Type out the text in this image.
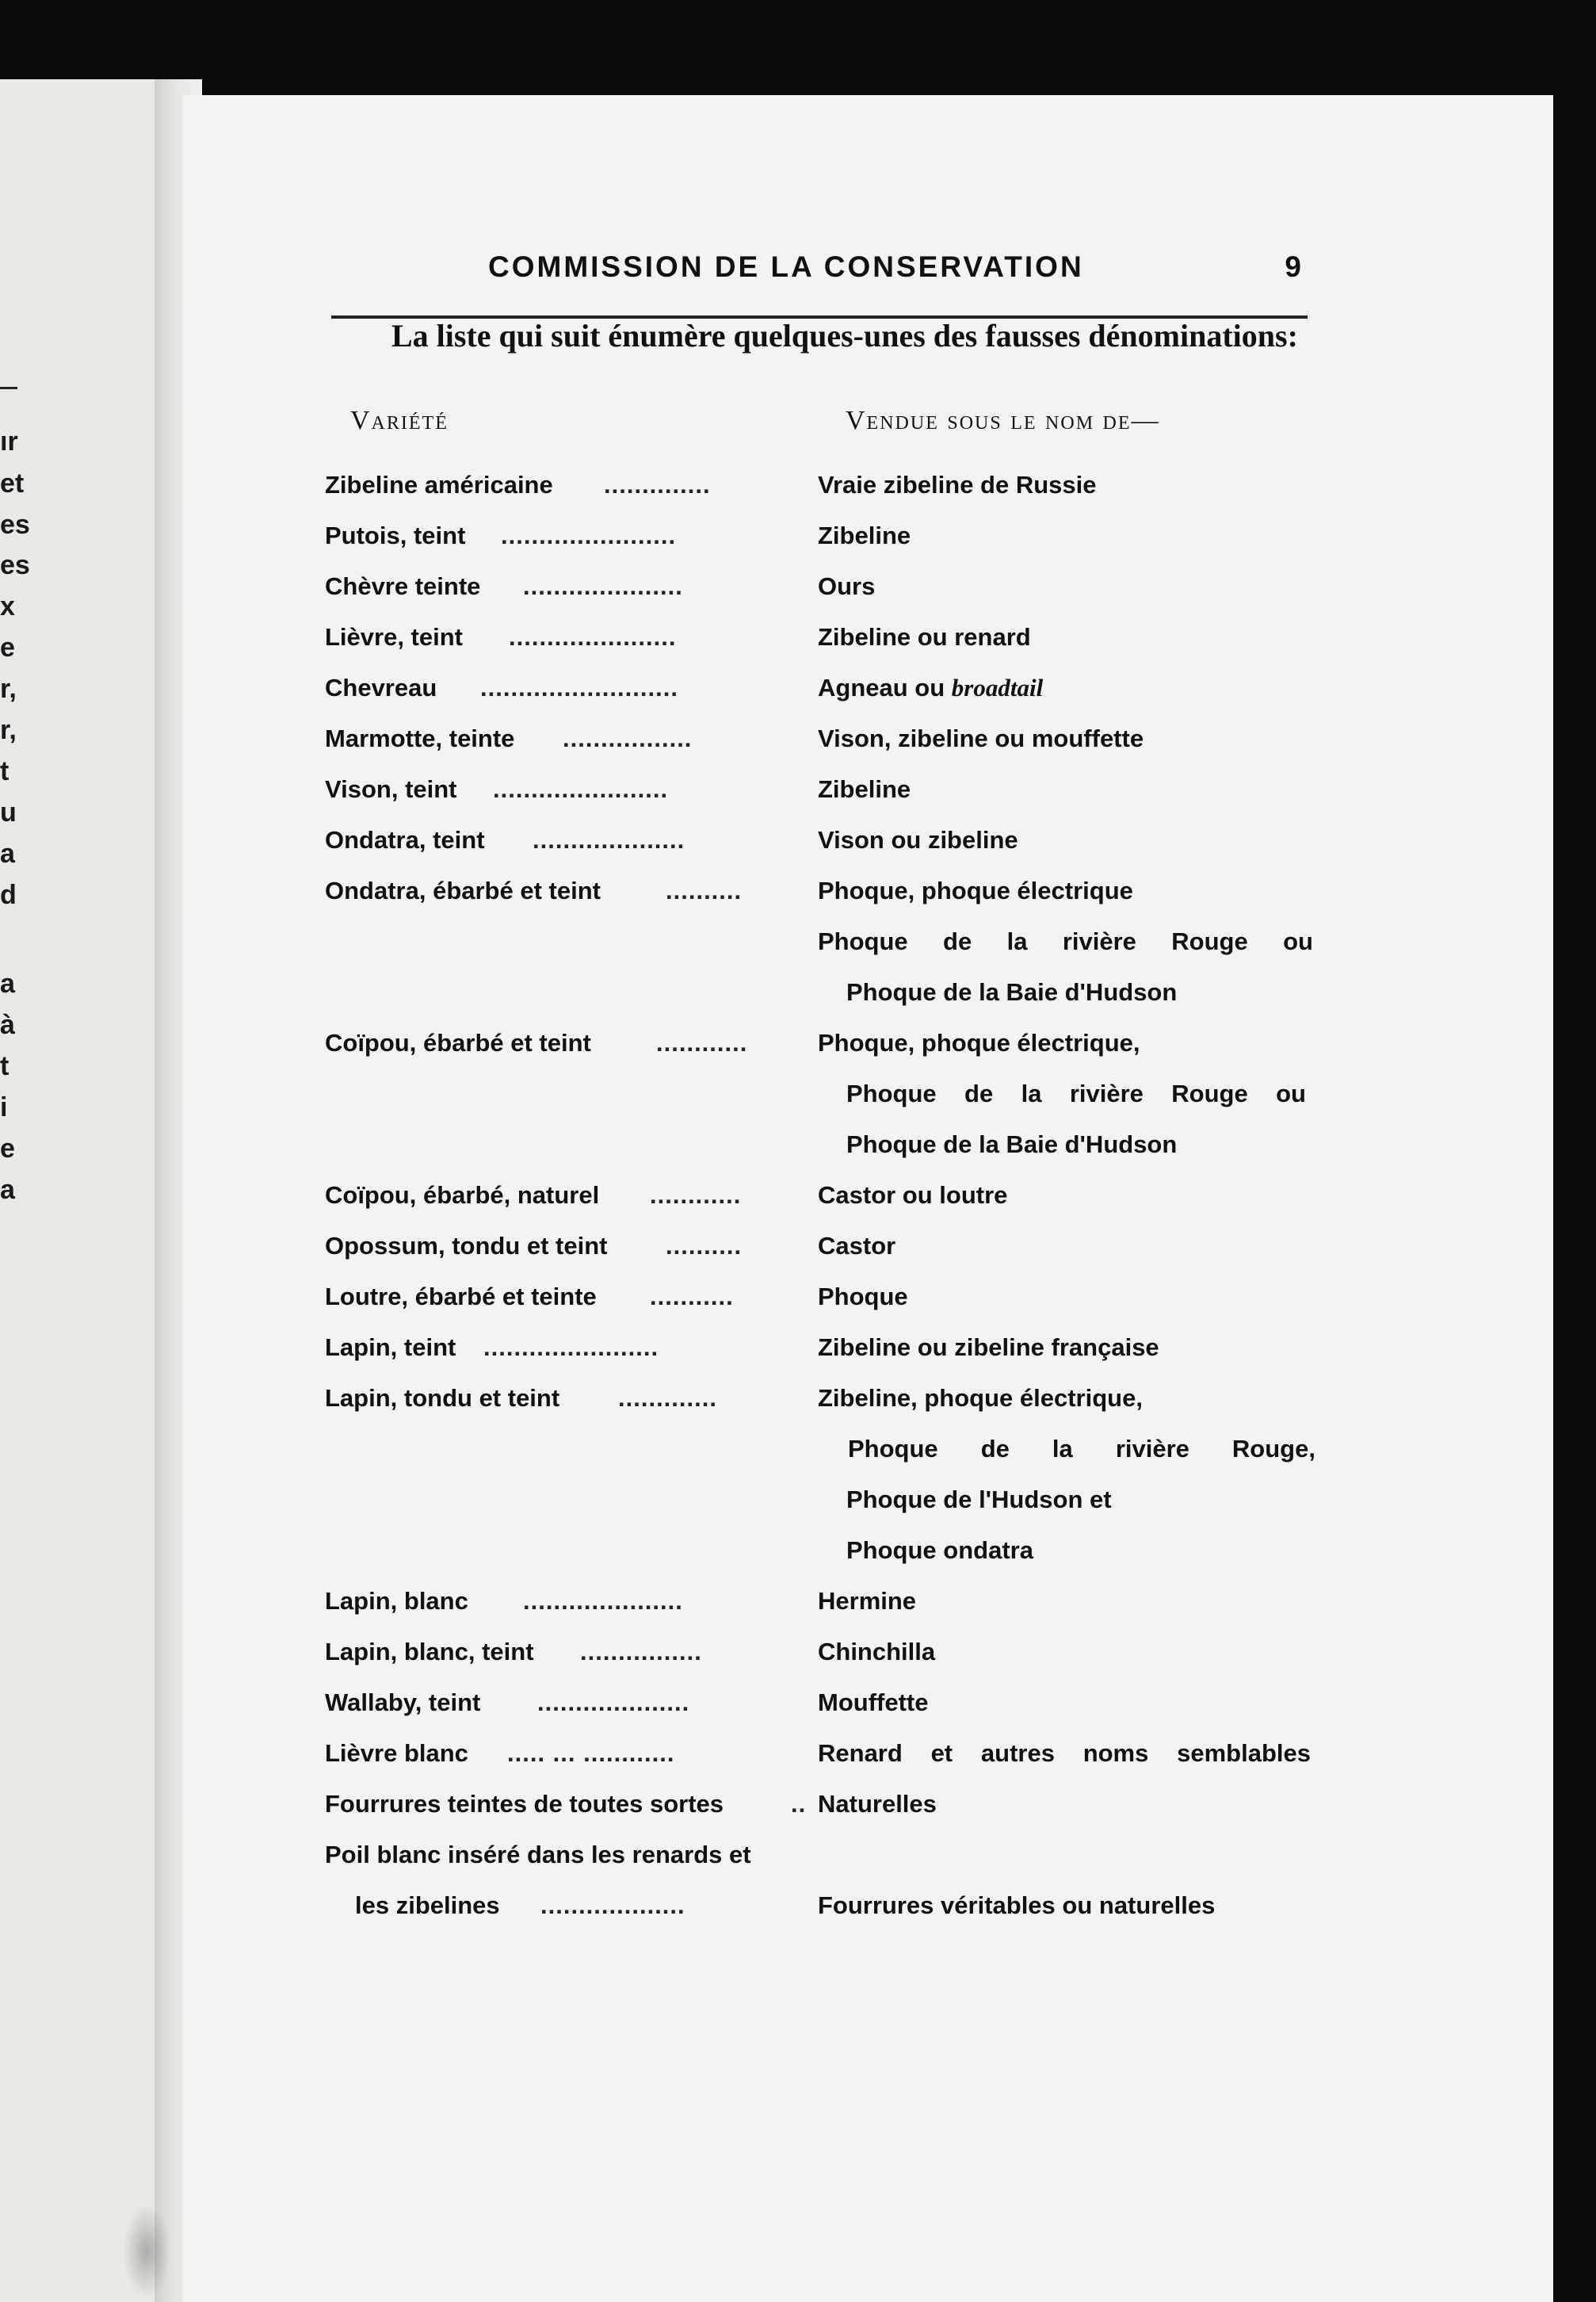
ır
et
es
es
x
e
r,
r,
t
u
a
d
a
à
t
i
e
a
COMMISSION DE LA CONSERVATION	9
La liste qui suit énumère quelques-unes des fausses dénominations:
Variété	Vendue sous le nom de—
Zibeline américaine ..............	Vraie zibeline de Russie
Putois, teint .......................	Zibeline
Chèvre teinte .....................	Ours
Lièvre, teint ......................	Zibeline ou renard
Chevreau ..........................	Agneau ou broadtail
Marmotte, teinte .................	Vison, zibeline ou mouffette
Vison, teint .......................	Zibeline
Ondatra, teint ....................	Vison ou zibeline
Ondatra, ébarbé et teint	..........	Phoque, phoque électrique
Phoque de la rivière Rouge ou
Phoque de la Baie d'Hudson
Coïpou, ébarbé et teint	............	Phoque, phoque électrique,
Phoque de la rivière Rouge ou
Phoque de la Baie d'Hudson
Coïpou, ébarbé, naturel ............	Castor ou loutre
Opossum, tondu et teint ..........	Castor
Loutre, ébarbé et teinte ...........	Phoque
Lapin, teint .......................	Zibeline ou zibeline française
Lapin, tondu et teint .............	Zibeline, phoque électrique,
Phoque de la rivière Rouge,
Phoque de l'Hudson et
Phoque ondatra
Lapin, blanc .....................	Hermine
Lapin, blanc, teint ................	Chinchilla
Wallaby, teint ....................	Mouffette
Lièvre blanc ..... ... ............	Renard et autres noms semblables
Fourrures teintes de toutes sortes	.. Naturelles
Poil blanc inséré dans les renards et
les zibelines ...................	Fourrures véritables ou naturelles
